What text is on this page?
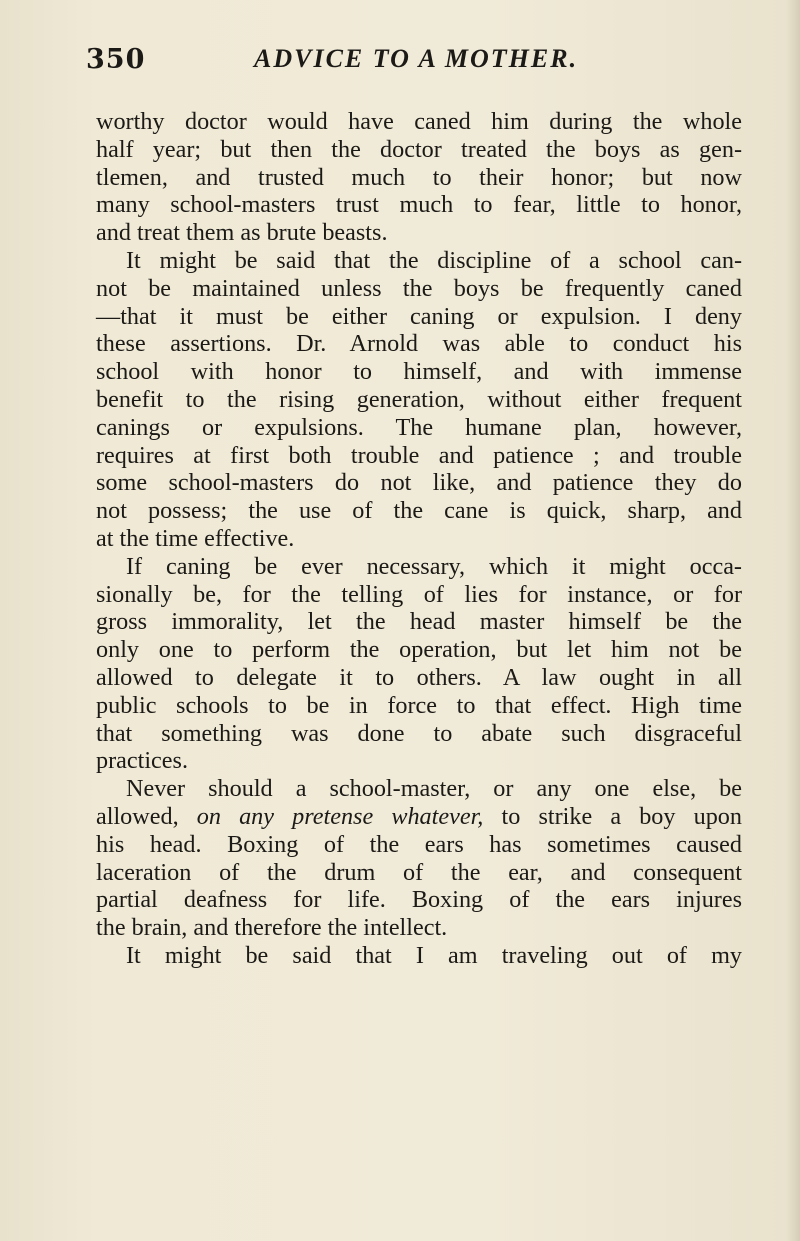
350	ADVICE TO A MOTHER.
worthy doctor would have caned him during the whole
half year; but then the doctor treated the boys as gen-
tlemen, and trusted much to their honor; but now
many school-masters trust much to fear, little to honor,
and treat them as brute beasts.
It might be said that the discipline of a school can-
not be maintained unless the boys be frequently caned
—that it must be either caning or expulsion. I deny
these assertions. Dr. Arnold was able to conduct his
school with honor to himself, and with immense
benefit to the rising generation, without either frequent
canings or expulsions. The humane plan, however,
requires at first both trouble and patience ; and trouble
some school-masters do not like, and patience they do
not possess; the use of the cane is quick, sharp, and
at the time effective.
If caning be ever necessary, which it might occa-
sionally be, for the telling of lies for instance, or for
gross immorality, let the head master himself be the
only one to perform the operation, but let him not be
allowed to delegate it to others. A law ought in all
public schools to be in force to that effect. High time
that something was done to abate such disgraceful
practices.
Never should a school-master, or any one else, be
allowed, on any pretense whatever, to strike a boy upon
his head. Boxing of the ears has sometimes caused
laceration of the drum of the ear, and consequent
partial deafness for life. Boxing of the ears injures
the brain, and therefore the intellect.
It might be said that I am traveling out of my
